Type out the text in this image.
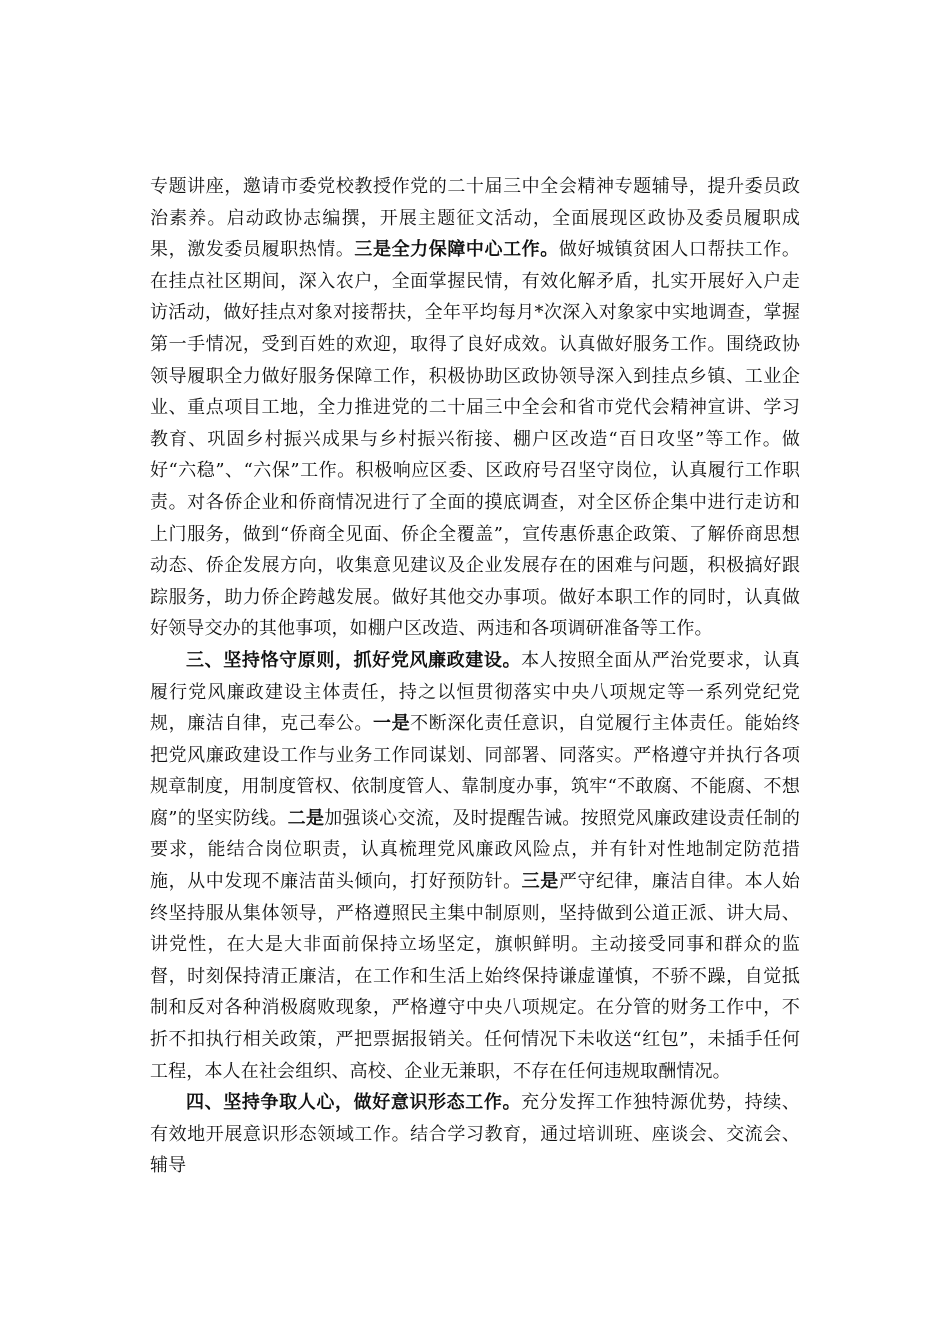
专题讲座，邀请市委党校教授作党的二十届三中全会精神专题辅导，提升委员政治素养。启动政协志编撰，开展主题征文活动，全面展现区政协及委员履职成果，激发委员履职热情。三是全力保障中心工作。做好城镇贫困人口帮扶工作。在挂点社区期间，深入农户，全面掌握民情，有效化解矛盾，扎实开展好入户走访活动，做好挂点对象对接帮扶，全年平均每月*次深入对象家中实地调查，掌握第一手情况，受到百姓的欢迎，取得了良好成效。认真做好服务工作。围绕政协领导履职全力做好服务保障工作，积极协助区政协领导深入到挂点乡镇、工业企业、重点项目工地，全力推进党的二十届三中全会和省市党代会精神宣讲、学习教育、巩固乡村振兴成果与乡村振兴衔接、棚户区改造“百日攻坚”等工作。做好“六稳”、“六保”工作。积极响应区委、区政府号召坚守岗位，认真履行工作职责。对各侨企业和侨商情况进行了全面的摸底调查，对全区侨企集中进行走访和上门服务，做到“侨商全见面、侨企全覆盖”，宣传惠侨惠企政策、了解侨商思想动态、侨企发展方向，收集意见建议及企业发展存在的困难与问题，积极搞好跟踪服务，助力侨企跨越发展。做好其他交办事项。做好本职工作的同时，认真做好领导交办的其他事项，如棚户区改造、两违和各项调研准备等工作。

三、坚持恪守原则，抓好党风廉政建设。本人按照全面从严治党要求，认真履行党风廉政建设主体责任，持之以恒贯彻落实中央八项规定等一系列党纪党规，廉洁自律，克己奉公。一是不断深化责任意识，自觉履行主体责任。能始终把党风廉政建设工作与业务工作同谋划、同部署、同落实。严格遵守并执行各项规章制度，用制度管权、依制度管人、靠制度办事，筑牢“不敢腐、不能腐、不想腐”的坚实防线。二是加强谈心交流，及时提醒告诫。按照党风廉政建设责任制的要求，能结合岗位职责，认真梳理党风廉政风险点，并有针对性地制定防范措施，从中发现不廉洁苗头倾向，打好预防针。三是严守纪律，廉洁自律。本人始终坚持服从集体领导，严格遵照民主集中制原则，坚持做到公道正派、讲大局、讲党性，在大是大非面前保持立场坚定，旗帜鲜明。主动接受同事和群众的监督，时刻保持清正廉洁，在工作和生活上始终保持谦虚谨慎，不骄不躁，自觉抵制和反对各种消极腐败现象，严格遵守中央八项规定。在分管的财务工作中，不折不扣执行相关政策，严把票据报销关。任何情况下未收送“红包”，未插手任何工程，本人在社会组织、高校、企业无兼职，不存在任何违规取酬情况。

四、坚持争取人心，做好意识形态工作。充分发挥工作独特源优势，持续、有效地开展意识形态领域工作。结合学习教育，通过培训班、座谈会、交流会、辅导
